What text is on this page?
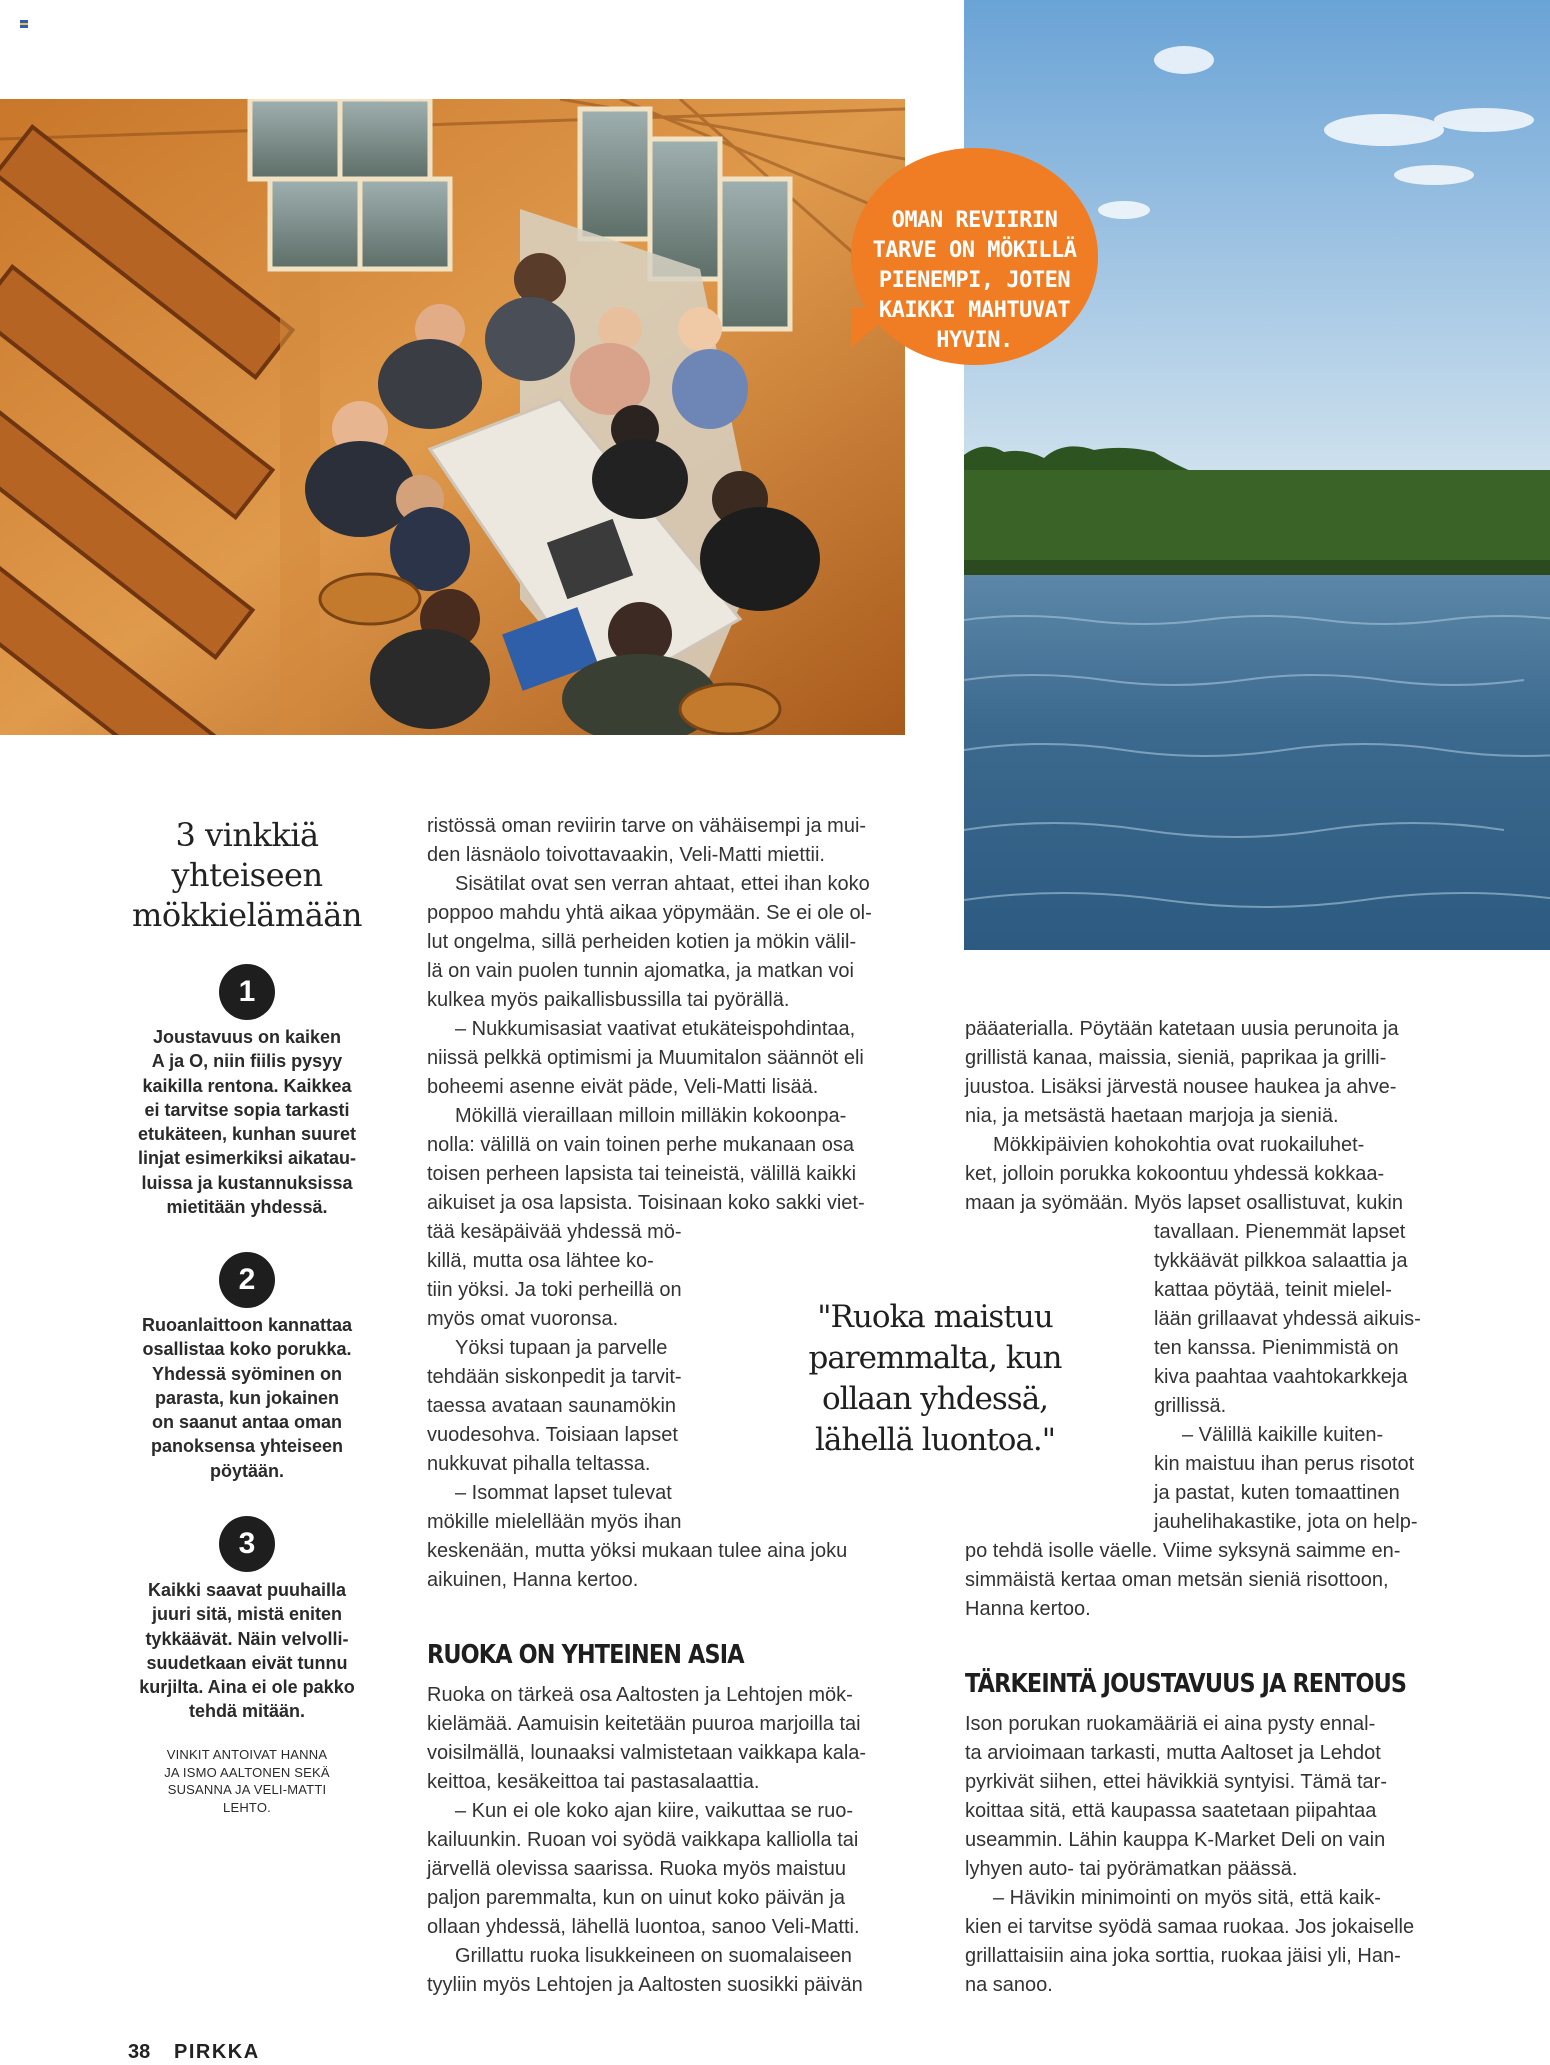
OMAN REVIIRIN
TARVE ON MÖKILLÄ
PIENEMPI, JOTEN
KAIKKI MAHTUVAT
HYVIN.
3 vinkkiä
yhteiseen
mökkielämään
1
Joustavuus on kaiken
A ja O, niin fiilis pysyy
kaikilla rentona. Kaikkea
ei tarvitse sopia tarkasti
etukäteen, kunhan suuret
linjat esimerkiksi aikatau-
luissa ja kustannuksissa
mietitään yhdessä.
2
Ruoanlaittoon kannattaa
osallistaa koko porukka.
Yhdessä syöminen on
parasta, kun jokainen
on saanut antaa oman
panoksensa yhteiseen
pöytään.
3
Kaikki saavat puuhailla
juuri sitä, mistä eniten
tykkäävät. Näin velvolli-
suudetkaan eivät tunnu
kurjilta. Aina ei ole pakko
tehdä mitään.
VINKIT ANTOIVAT HANNA
JA ISMO AALTONEN SEKÄ
SUSANNA JA VELI-MATTI
LEHTO.
ristössä oman reviirin tarve on vähäisempi ja mui-
den läsnäolo toivottavaakin, Veli-Matti miettii.
Sisätilat ovat sen verran ahtaat, ettei ihan koko
poppoo mahdu yhtä aikaa yöpymään. Se ei ole ol-
lut ongelma, sillä perheiden kotien ja mökin välil-
lä on vain puolen tunnin ajomatka, ja matkan voi
kulkea myös paikallisbussilla tai pyörällä.
– Nukkumisasiat vaativat etukäteispohdintaa,
niissä pelkkä optimismi ja Muumitalon säännöt eli
boheemi asenne eivät päde, Veli-Matti lisää.
Mökillä vieraillaan milloin milläkin kokoonpa-
nolla: välillä on vain toinen perhe mukanaan osa
toisen perheen lapsista tai teineistä, välillä kaikki
aikuiset ja osa lapsista. Toisinaan koko sakki viet-
tää kesäpäivää yhdessä mö-
killä, mutta osa lähtee ko-
tiin yöksi. Ja toki perheillä on
myös omat vuoronsa.
Yöksi tupaan ja parvelle
tehdään siskonpedit ja tarvit-
taessa avataan saunamökin
vuodesohva. Toisiaan lapset
nukkuvat pihalla teltassa.
– Isommat lapset tulevat
mökille mielellään myös ihan
keskenään, mutta yöksi mukaan tulee aina joku
aikuinen, Hanna kertoo.
RUOKA ON YHTEINEN ASIA
Ruoka on tärkeä osa Aaltosten ja Lehtojen mök-
kielämää. Aamuisin keitetään puuroa marjoilla tai
voisilmällä, lounaaksi valmistetaan vaikkapa kala-
keittoa, kesäkeittoa tai pastasalaattia.
– Kun ei ole koko ajan kiire, vaikuttaa se ruo-
kailuunkin. Ruoan voi syödä vaikkapa kalliolla tai
järvellä olevissa saarissa. Ruoka myös maistuu
paljon paremmalta, kun on uinut koko päivän ja
ollaan yhdessä, lähellä luontoa, sanoo Veli-Matti.
Grillattu ruoka lisukkeineen on suomalaiseen
tyyliin myös Lehtojen ja Aaltosten suosikki päivän
"Ruoka maistuu
paremmalta, kun
ollaan yhdessä,
lähellä luontoa."
pääaterialla. Pöytään katetaan uusia perunoita ja
grillistä kanaa, maissia, sieniä, paprikaa ja grilli-
juustoa. Lisäksi järvestä nousee haukea ja ahve-
nia, ja metsästä haetaan marjoja ja sieniä.
Mökkipäivien kohokohtia ovat ruokailuhet-
ket, jolloin porukka kokoontuu yhdessä kokkaa-
maan ja syömään. Myös lapset osallistuvat, kukin
tavallaan. Pienemmät lapset
tykkäävät pilkkoa salaattia ja
kattaa pöytää, teinit mielel-
lään grillaavat yhdessä aikuis-
ten kanssa. Pienimmistä on
kiva paahtaa vaahtokarkkeja
grillissä.
– Välillä kaikille kuiten-
kin maistuu ihan perus risotot
ja pastat, kuten tomaattinen
jauhelihakastike, jota on help-
po tehdä isolle väelle. Viime syksynä saimme en-
simmäistä kertaa oman metsän sieniä risottoon,
Hanna kertoo.
TÄRKEINTÄ JOUSTAVUUS JA RENTOUS
Ison porukan ruokamääriä ei aina pysty ennal-
ta arvioimaan tarkasti, mutta Aaltoset ja Lehdot
pyrkivät siihen, ettei hävikkiä syntyisi. Tämä tar-
koittaa sitä, että kaupassa saatetaan piipahtaa
useammin. Lähin kauppa K-Market Deli on vain
lyhyen auto- tai pyörämatkan päässä.
– Hävikin minimointi on myös sitä, että kaik-
kien ei tarvitse syödä samaa ruokaa. Jos jokaiselle
grillattaisiin aina joka sorttia, ruokaa jäisi yli, Han-
na sanoo.
38 PIRKKA
